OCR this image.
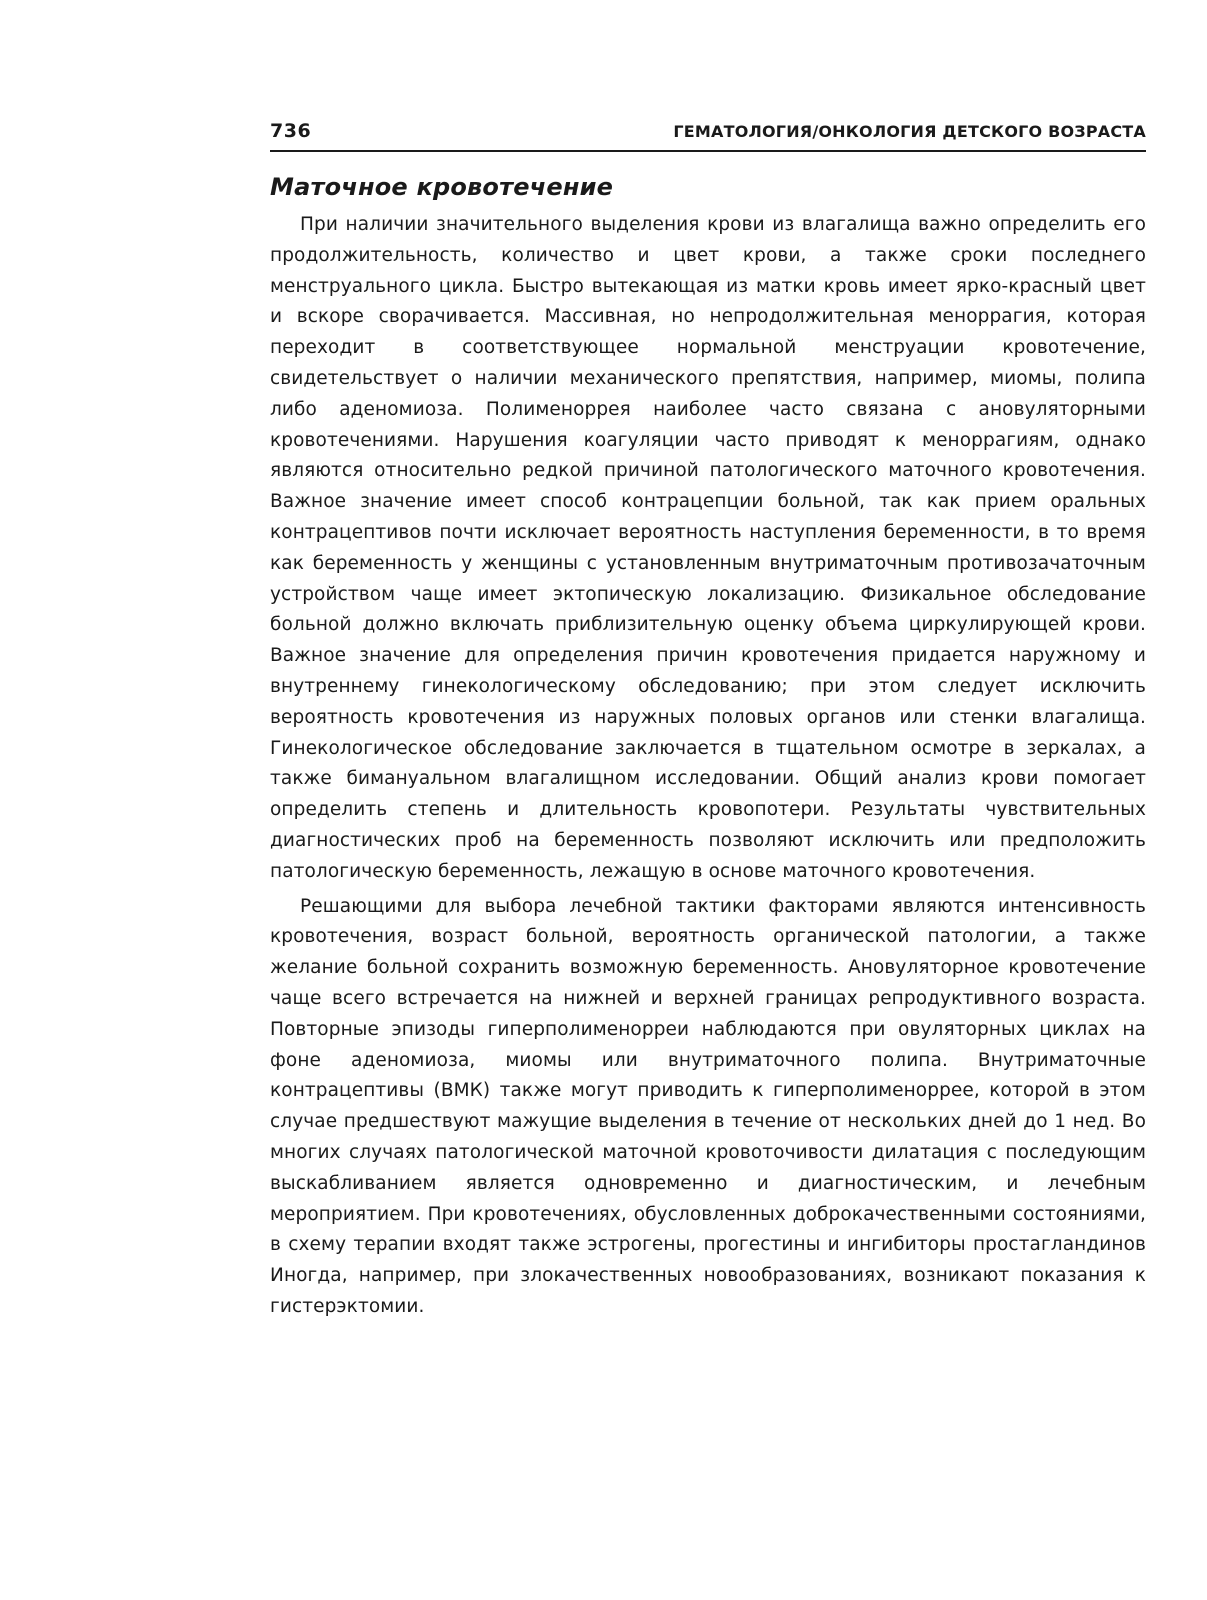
736	ГЕМАТОЛОГИЯ/ОНКОЛОГИЯ ДЕТСКОГО ВОЗРАСТА
Маточное кровотечение

При наличии значительного выделения крови из влагалища важно определить его продолжительность, количество и цвет крови, а также сроки последнего менструального цикла. Быстро вытекающая из матки кровь имеет ярко-красный цвет и вскоре сворачивается. Массивная, но непродолжительная меноррагия, которая переходит в соответствующее нормальной менструации кровотечение, свидетельствует о наличии механического препятствия, например, миомы, полипа либо аденомиоза. Полименоррея наиболее часто связана с ановуляторными кровотечениями. Нарушения коагуляции часто приводят к меноррагиям, однако являются относительно редкой причиной патологического маточного кровотечения. Важное значение имеет способ контрацепции больной, так как прием оральных контрацептивов почти исключает вероятность наступления беременности, в то время как беременность у женщины с установленным внутриматочным противозачаточным устройством чаще имеет эктопическую локализацию. Физикальное обследование больной должно включать приблизительную оценку объема циркулирующей крови. Важное значение для определения причин кровотечения придается наружному и внутреннему гинекологическому обследованию; при этом следует исключить вероятность кровотечения из наружных половых органов или стенки влагалища. Гинекологическое обследование заключается в тщательном осмотре в зеркалах, а также бимануальном влагалищном исследовании. Общий анализ крови помогает определить степень и длительность кровопотери. Результаты чувствительных диагностических проб на беременность позволяют исключить или предположить патологическую беременность, лежащую в основе маточного кровотечения.

Решающими для выбора лечебной тактики факторами являются интенсивность кровотечения, возраст больной, вероятность органической патологии, а также желание больной сохранить возможную беременность. Ановуляторное кровотечение чаще всего встречается на нижней и верхней границах репродуктивного возраста. Повторные эпизоды гиперполименорреи наблюдаются при овуляторных циклах на фоне аденомиоза, миомы или внутриматочного полипа. Внутриматочные контрацептивы (ВМК) также могут приводить к гиперполименоррее, которой в этом случае предшествуют мажущие выделения в течение от нескольких дней до 1 нед. Во многих случаях патологической маточной кровоточивости дилатация с последующим выскабливанием является одновременно и диагностическим, и лечебным мероприятием. При кровотечениях, обусловленных доброкачественными состояниями, в схему терапии входят также эстрогены, прогестины и ингибиторы простагландинов Иногда, например, при злокачественных новообразованиях, возникают показания к гистерэктомии.
